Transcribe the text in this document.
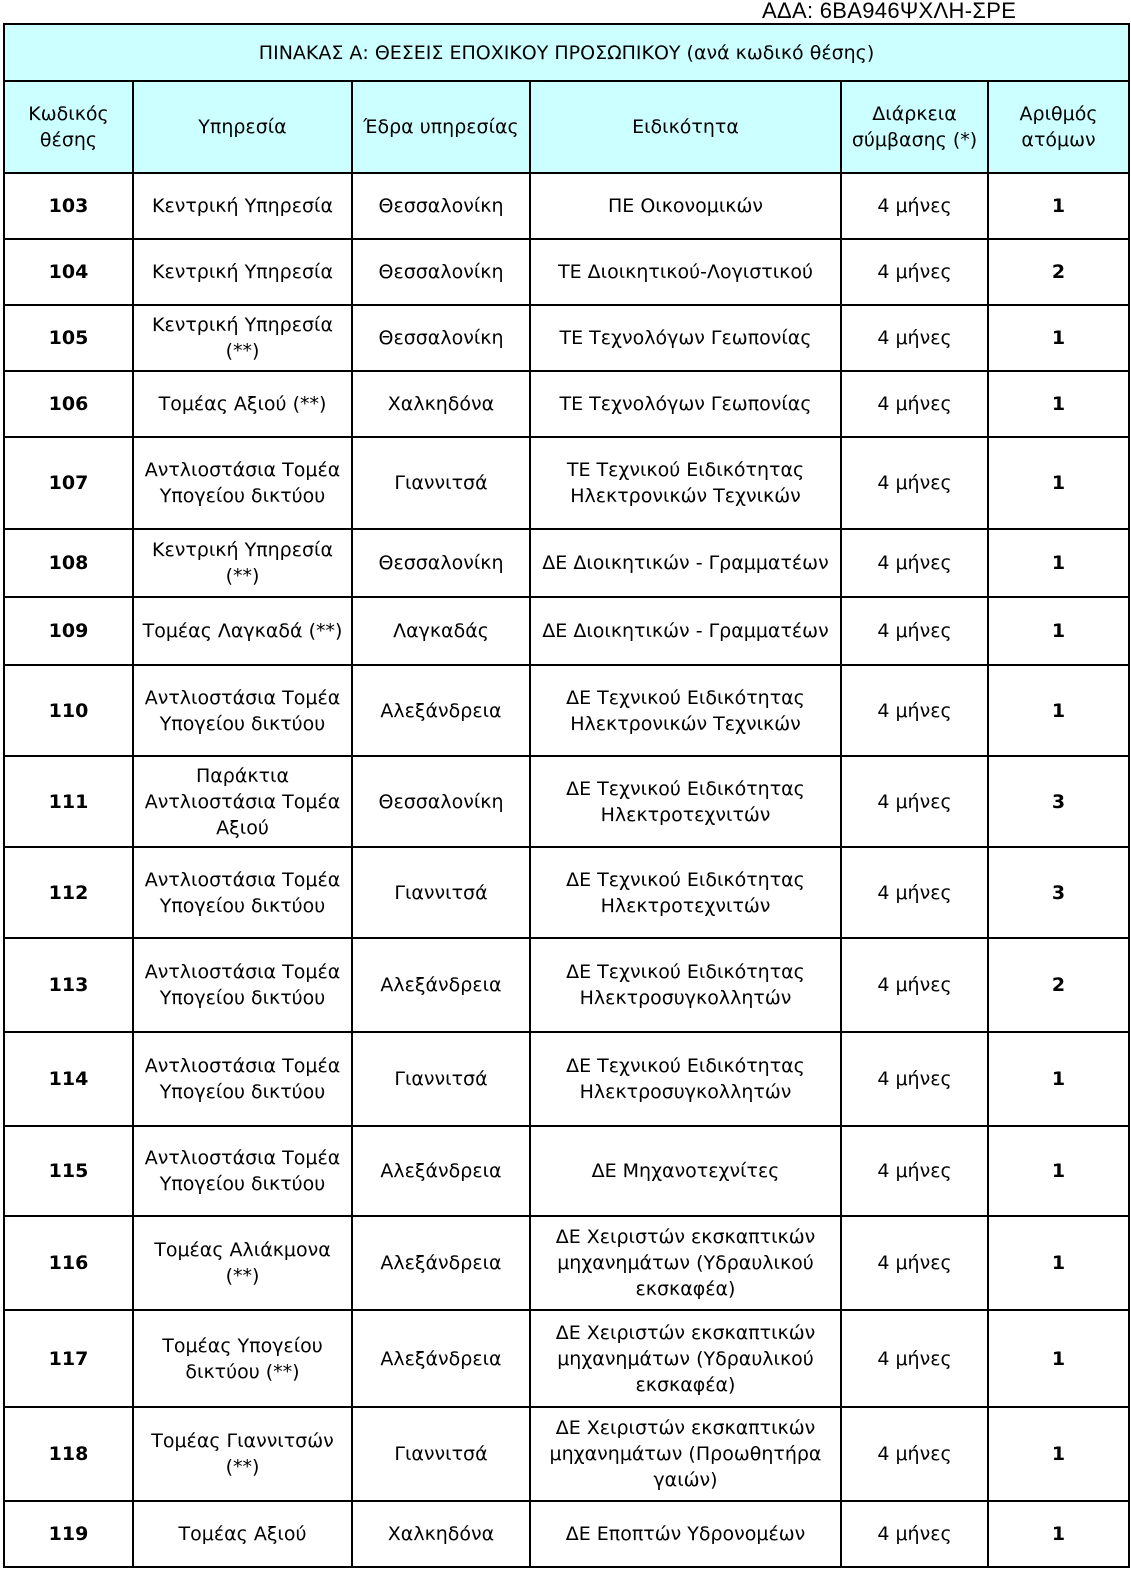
ΑΔΑ: 6ΒΑ946ΨΧΛΗ-ΣΡΕ
ΠΙΝΑΚΑΣ Α: ΘΕΣΕΙΣ ΕΠΟΧΙΚΟΥ ΠΡΟΣΩΠΙΚΟΥ (ανά κωδικό θέσης)					
Κωδικός θέσης	Υπηρεσία	Έδρα υπηρεσίας	Ειδικότητα	Διάρκεια σύμβασης (*)	Αριθμός ατόμων
103	Κεντρική Υπηρεσία	Θεσσαλονίκη	ΠΕ Οικονομικών	4 μήνες	1
104	Κεντρική Υπηρεσία	Θεσσαλονίκη	ΤΕ Διοικητικού-Λογιστικού	4 μήνες	2
105	Κεντρική Υπηρεσία (**)	Θεσσαλονίκη	ΤΕ Τεχνολόγων Γεωπονίας	4 μήνες	1
106	Τομέας Αξιού (**)	Χαλκηδόνα	ΤΕ Τεχνολόγων Γεωπονίας	4 μήνες	1
107	Αντλιοστάσια Τομέα Υπογείου δικτύου	Γιαννιτσά	ΤΕ Τεχνικού Ειδικότητας Ηλεκτρονικών Τεχνικών	4 μήνες	1
108	Κεντρική Υπηρεσία (**)	Θεσσαλονίκη	ΔΕ Διοικητικών - Γραμματέων	4 μήνες	1
109	Τομέας Λαγκαδά (**)	Λαγκαδάς	ΔΕ Διοικητικών - Γραμματέων	4 μήνες	1
110	Αντλιοστάσια Τομέα Υπογείου δικτύου	Αλεξάνδρεια	ΔΕ Τεχνικού Ειδικότητας Ηλεκτρονικών Τεχνικών	4 μήνες	1
111	Παράκτια Αντλιοστάσια Τομέα Αξιού	Θεσσαλονίκη	ΔΕ Τεχνικού Ειδικότητας Ηλεκτροτεχνιτών	4 μήνες	3
112	Αντλιοστάσια Τομέα Υπογείου δικτύου	Γιαννιτσά	ΔΕ Τεχνικού Ειδικότητας Ηλεκτροτεχνιτών	4 μήνες	3
113	Αντλιοστάσια Τομέα Υπογείου δικτύου	Αλεξάνδρεια	ΔΕ Τεχνικού Ειδικότητας Ηλεκτροσυγκολλητών	4 μήνες	2
114	Αντλιοστάσια Τομέα Υπογείου δικτύου	Γιαννιτσά	ΔΕ Τεχνικού Ειδικότητας Ηλεκτροσυγκολλητών	4 μήνες	1
115	Αντλιοστάσια Τομέα Υπογείου δικτύου	Αλεξάνδρεια	ΔΕ Μηχανοτεχνίτες	4 μήνες	1
116	Τομέας Αλιάκμονα (**)	Αλεξάνδρεια	ΔΕ Χειριστών εκσκαπτικών μηχανημάτων (Υδραυλικού εκσκαφέα)	4 μήνες	1
117	Τομέας Υπογείου δικτύου (**)	Αλεξάνδρεια	ΔΕ Χειριστών εκσκαπτικών μηχανημάτων (Υδραυλικού εκσκαφέα)	4 μήνες	1
118	Τομέας Γιαννιτσών (**)	Γιαννιτσά	ΔΕ Χειριστών εκσκαπτικών μηχανημάτων (Προωθητήρα γαιών)	4 μήνες	1
119	Τομέας Αξιού	Χαλκηδόνα	ΔΕ Εποπτών Υδρονομέων	4 μήνες	1
